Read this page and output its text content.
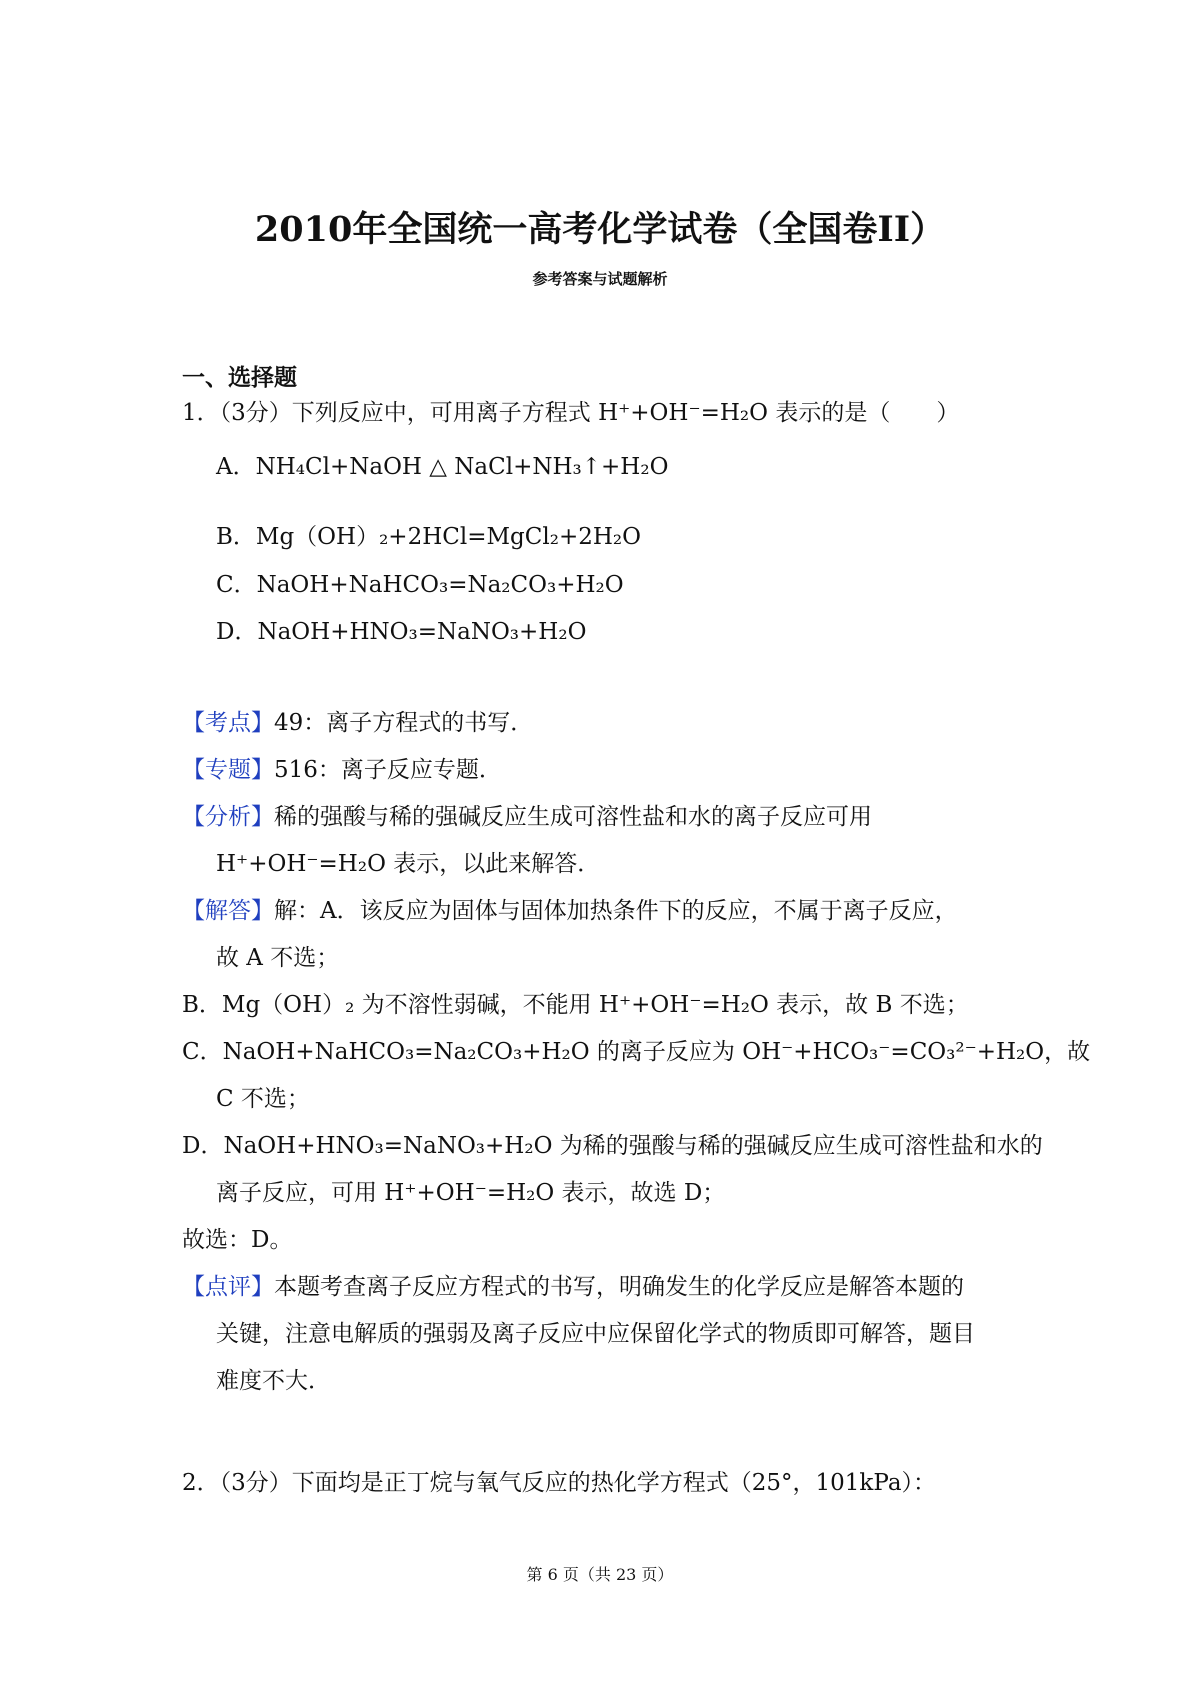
2010年全国统一高考化学试卷（全国卷II）
参考答案与试题解析
一、选择题
1．（3分）下列反应中，可用离子方程式 H⁺+OH⁻=H₂O 表示的是（　　）
A．NH₄Cl+NaOH △ NaCl+NH₃↑+H₂O
B．Mg（OH）₂+2HCl=MgCl₂+2H₂O
C．NaOH+NaHCO₃=Na₂CO₃+H₂O
D．NaOH+HNO₃=NaNO₃+H₂O
【考点】49：离子方程式的书写．
【专题】516：离子反应专题．
【分析】稀的强酸与稀的强碱反应生成可溶性盐和水的离子反应可用
H⁺+OH⁻=H₂O 表示，以此来解答．
【解答】解：A．该反应为固体与固体加热条件下的反应，不属于离子反应，
故 A 不选；
B．Mg（OH）₂ 为不溶性弱碱，不能用 H⁺+OH⁻=H₂O 表示，故 B 不选；
C．NaOH+NaHCO₃=Na₂CO₃+H₂O 的离子反应为 OH⁻+HCO₃⁻=CO₃²⁻+H₂O，故
C 不选；
D．NaOH+HNO₃=NaNO₃+H₂O 为稀的强酸与稀的强碱反应生成可溶性盐和水的
离子反应，可用 H⁺+OH⁻=H₂O 表示，故选 D；
故选：D。
【点评】本题考查离子反应方程式的书写，明确发生的化学反应是解答本题的
关键，注意电解质的强弱及离子反应中应保留化学式的物质即可解答，题目
难度不大．
2．（3分）下面均是正丁烷与氧气反应的热化学方程式（25°，101kPa）：
第 6 页（共 23 页）
